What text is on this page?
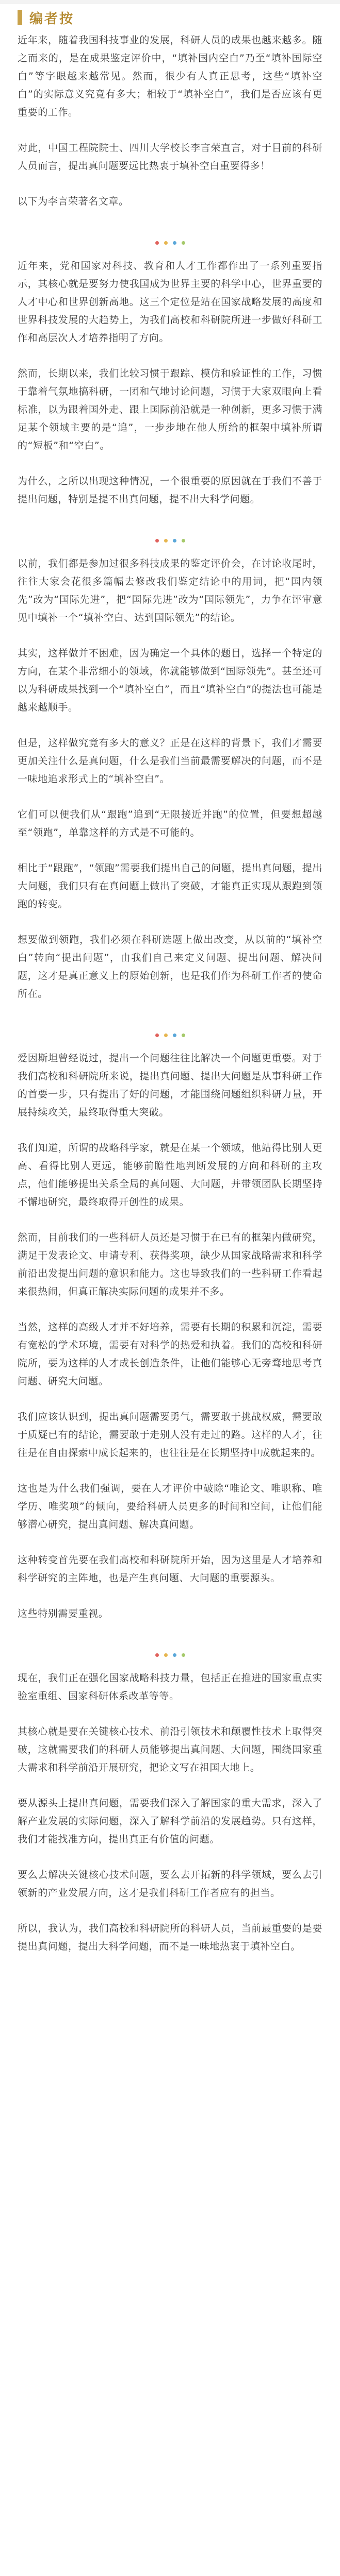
编者按

近年来，随着我国科技事业的发展，科研人员的成果也越来越多。随之而来的，是在成果鉴定评价中，“填补国内空白”乃至“填补国际空白”等字眼越来越常见。然而，很少有人真正思考，这些“填补空白”的实际意义究竟有多大；相较于“填补空白”，我们是否应该有更重要的工作。

对此，中国工程院院士、四川大学校长李言荣直言，对于目前的科研人员而言，提出真问题要远比热衷于填补空白重要得多！

以下为李言荣著名文章。

近年来，党和国家对科技、教育和人才工作都作出了一系列重要指示，其核心就是要努力使我国成为世界主要的科学中心，世界重要的人才中心和世界创新高地。这三个定位是站在国家战略发展的高度和世界科技发展的大趋势上，为我们高校和科研院所进一步做好科研工作和高层次人才培养指明了方向。

然而，长期以来，我们比较习惯于跟踪、模仿和验证性的工作，习惯于靠着气氛地搞科研，一团和气地讨论问题，习惯于大家双眼向上看标准，以为跟着国外走、跟上国际前沿就是一种创新，更多习惯于满足某个领域主要的是“追”，一步步地在他人所给的框架中填补所谓的“短板”和“空白”。

为什么，之所以出现这种情况，一个很重要的原因就在于我们不善于提出问题，特别是提不出真问题，提不出大科学问题。

以前，我们都是参加过很多科技成果的鉴定评价会，在讨论收尾时，往往大家会花很多篇幅去修改我们鉴定结论中的用词，把“国内领先”改为“国际先进”，把“国际先进”改为“国际领先”，力争在评审意见中填补一个“填补空白、达到国际领先”的结论。

其实，这样做并不困难，因为确定一个具体的题目，选择一个特定的方向，在某个非常细小的领域，你就能够做到“国际领先”。甚至还可以为科研成果找到一个“填补空白”，而且“填补空白”的提法也可能是越来越顺手。

但是，这样做究竟有多大的意义？正是在这样的背景下，我们才需要更加关注什么是真问题，什么是我们当前最需要解决的问题，而不是一味地追求形式上的“填补空白”。

它们可以便我们从“跟跑”追到“无限接近并跑”的位置，但要想超越至“领跑”，单靠这样的方式是不可能的。

相比于“跟跑”，“领跑”需要我们提出自己的问题，提出真问题，提出大问题，我们只有在真问题上做出了突破，才能真正实现从跟跑到领跑的转变。

想要做到领跑，我们必须在科研选题上做出改变，从以前的“填补空白”转向“提出问题”，由我们自己来定义问题、提出问题、解决问题，这才是真正意义上的原始创新，也是我们作为科研工作者的使命所在。

爱因斯坦曾经说过，提出一个问题往往比解决一个问题更重要。对于我们高校和科研院所来说，提出真问题、提出大问题是从事科研工作的首要一步，只有提出了好的问题，才能围绕问题组织科研力量，开展持续攻关，最终取得重大突破。

我们知道，所谓的战略科学家，就是在某一个领域，他站得比别人更高、看得比别人更远，能够前瞻性地判断发展的方向和科研的主攻点，他们能够提出关系全局的真问题、大问题，并带领团队长期坚持不懈地研究，最终取得开创性的成果。

然而，目前我们的一些科研人员还是习惯于在已有的框架内做研究，满足于发表论文、申请专利、获得奖项，缺少从国家战略需求和科学前沿出发提出问题的意识和能力。这也导致我们的一些科研工作看起来很热闹，但真正解决实际问题的成果并不多。

当然，这样的高级人才并不好培养，需要有长期的积累和沉淀，需要有宽松的学术环境，需要有对科学的热爱和执着。我们的高校和科研院所，要为这样的人才成长创造条件，让他们能够心无旁骛地思考真问题、研究大问题。

我们应该认识到，提出真问题需要勇气，需要敢于挑战权威，需要敢于质疑已有的结论，需要敢于走别人没有走过的路。这样的人才，往往是在自由探索中成长起来的，也往往是在长期坚持中成就起来的。

这也是为什么我们强调，要在人才评价中破除“唯论文、唯职称、唯学历、唯奖项”的倾向，要给科研人员更多的时间和空间，让他们能够潜心研究，提出真问题、解决真问题。

这种转变首先要在我们高校和科研院所开始，因为这里是人才培养和科学研究的主阵地，也是产生真问题、大问题的重要源头。

这些特别需要重视。

现在，我们正在强化国家战略科技力量，包括正在推进的国家重点实验室重组、国家科研体系改革等等。

其核心就是要在关键核心技术、前沿引领技术和颠覆性技术上取得突破，这就需要我们的科研人员能够提出真问题、大问题，围绕国家重大需求和科学前沿开展研究，把论文写在祖国大地上。

要从源头上提出真问题，需要我们深入了解国家的重大需求，深入了解产业发展的实际问题，深入了解科学前沿的发展趋势。只有这样，我们才能找准方向，提出真正有价值的问题。

要么去解决关键核心技术问题，要么去开拓新的科学领域，要么去引领新的产业发展方向，这才是我们科研工作者应有的担当。

所以，我认为，我们高校和科研院所的科研人员，当前最重要的是要提出真问题，提出大科学问题，而不是一味地热衷于填补空白。
